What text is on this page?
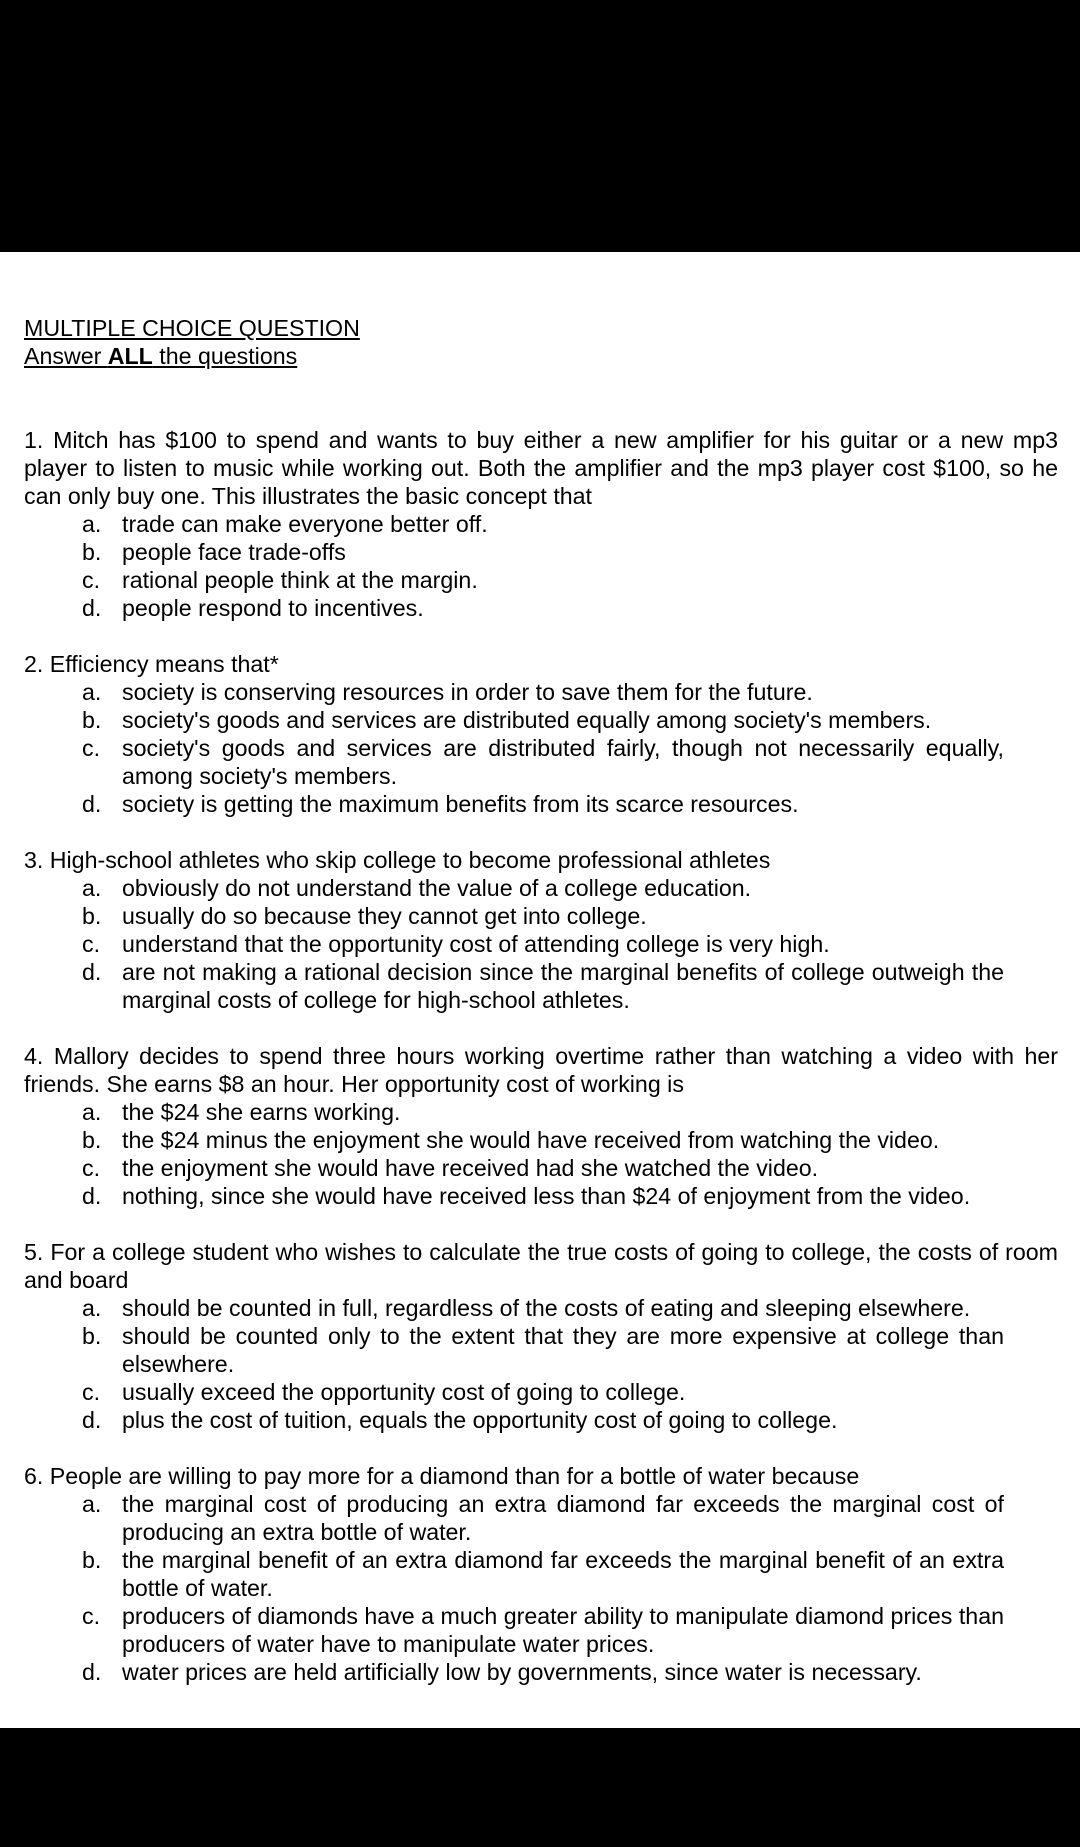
MULTIPLE CHOICE QUESTION
Answer ALL the questions
1. Mitch has $100 to spend and wants to buy either a new amplifier for his guitar or a new mp3 player to listen to music while working out. Both the amplifier and the mp3 player cost $100, so he can only buy one. This illustrates the basic concept that
a. trade can make everyone better off.
b. people face trade-offs
c. rational people think at the margin.
d. people respond to incentives.
2. Efficiency means that*
a. society is conserving resources in order to save them for the future.
b. society's goods and services are distributed equally among society's members.
c. society's goods and services are distributed fairly, though not necessarily equally, among society's members.
d. society is getting the maximum benefits from its scarce resources.
3. High-school athletes who skip college to become professional athletes
a. obviously do not understand the value of a college education.
b. usually do so because they cannot get into college.
c. understand that the opportunity cost of attending college is very high.
d. are not making a rational decision since the marginal benefits of college outweigh the marginal costs of college for high-school athletes.
4. Mallory decides to spend three hours working overtime rather than watching a video with her friends. She earns $8 an hour. Her opportunity cost of working is
a. the $24 she earns working.
b. the $24 minus the enjoyment she would have received from watching the video.
c. the enjoyment she would have received had she watched the video.
d. nothing, since she would have received less than $24 of enjoyment from the video.
5. For a college student who wishes to calculate the true costs of going to college, the costs of room and board
a. should be counted in full, regardless of the costs of eating and sleeping elsewhere.
b. should be counted only to the extent that they are more expensive at college than elsewhere.
c. usually exceed the opportunity cost of going to college.
d. plus the cost of tuition, equals the opportunity cost of going to college.
6. People are willing to pay more for a diamond than for a bottle of water because
a. the marginal cost of producing an extra diamond far exceeds the marginal cost of producing an extra bottle of water.
b. the marginal benefit of an extra diamond far exceeds the marginal benefit of an extra bottle of water.
c. producers of diamonds have a much greater ability to manipulate diamond prices than producers of water have to manipulate water prices.
d. water prices are held artificially low by governments, since water is necessary.
